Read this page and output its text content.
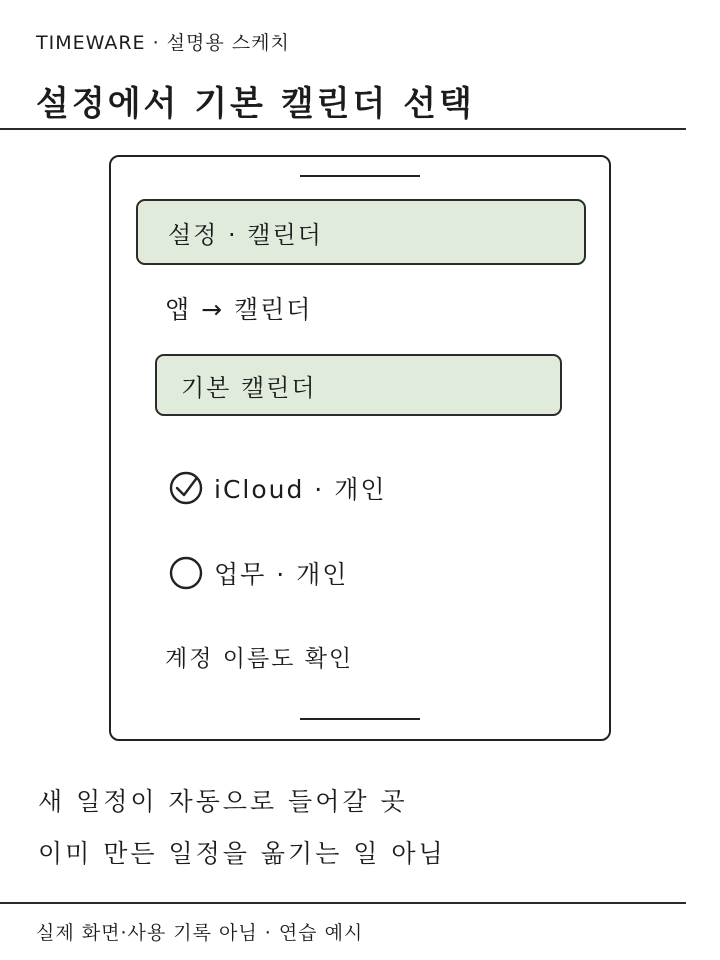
TIMEWARE · 설명용 스케치
설정에서 기본 캘린더 선택
설정 · 캘린더
앱 → 캘린더
기본 캘린더
iCloud · 개인
업무 · 개인
계정 이름도 확인
새 일정이 자동으로 들어갈 곳
이미 만든 일정을 옮기는 일 아님
실제 화면·사용 기록 아님 · 연습 예시
